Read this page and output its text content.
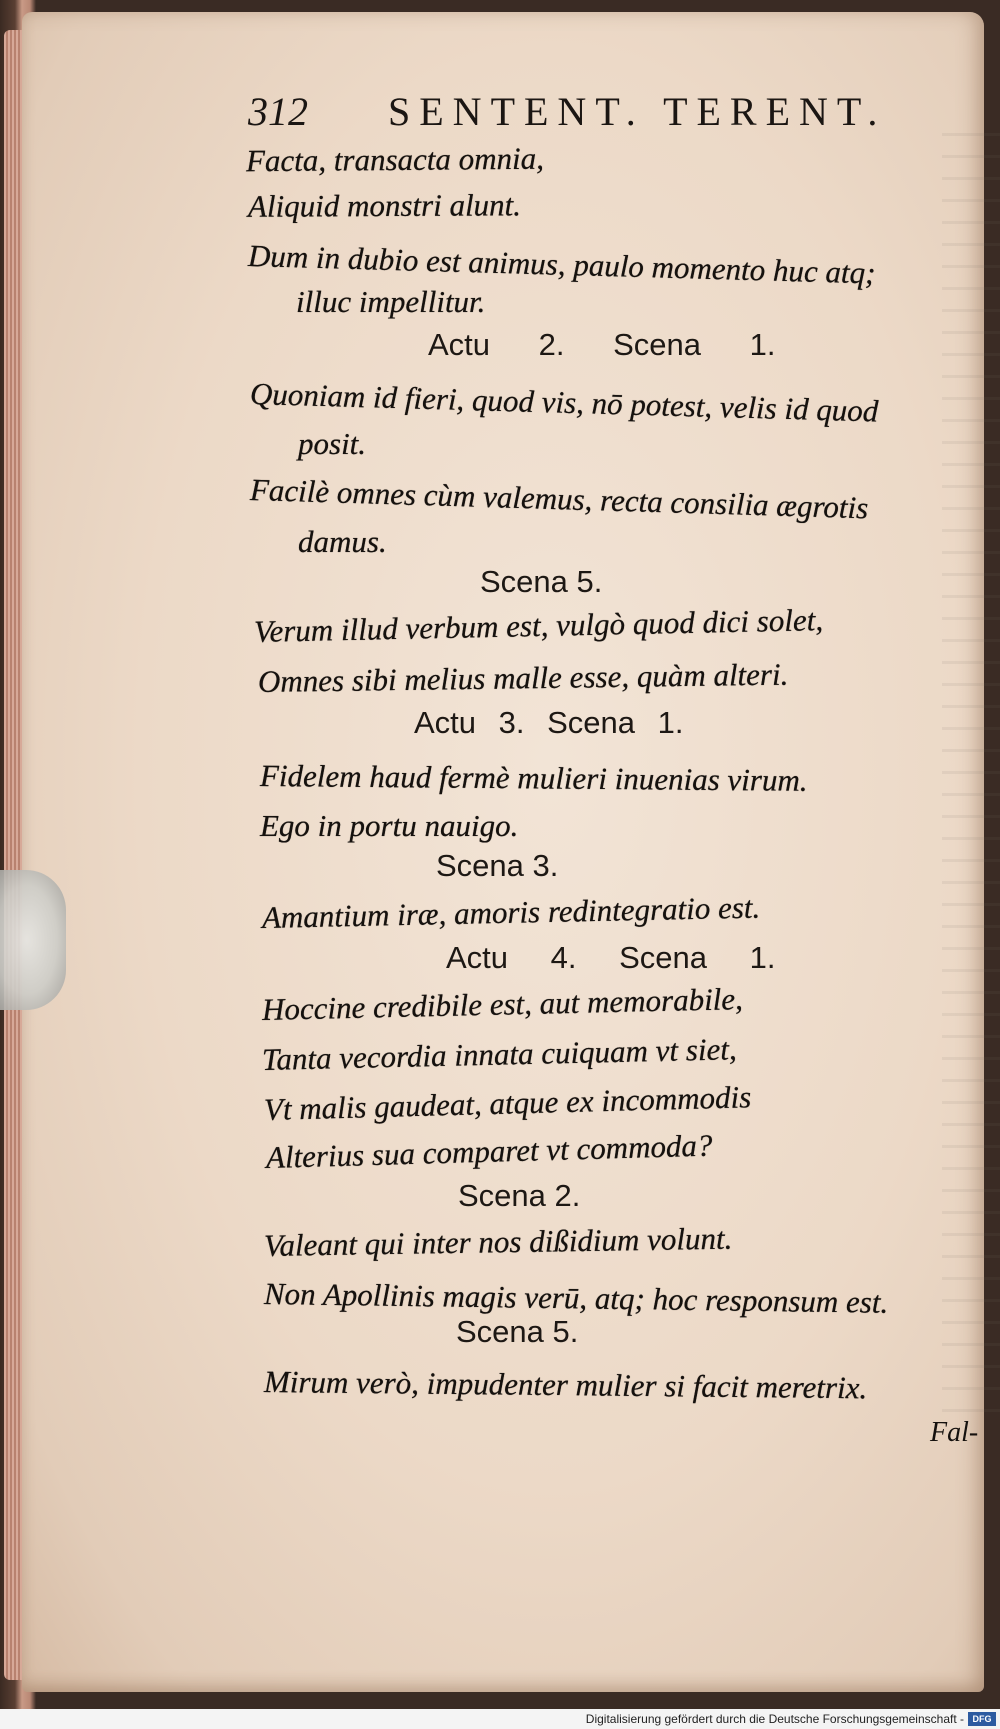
312 SENTENT. TERENT.
Facta, transacta omnia,
Aliquid monstri alunt.
Dum in dubio est animus, paulo momento huc atq;
illuc impellitur.
Actu 2. Scena 1.
Quoniam id fieri, quod vis, nō potest, velis id quod
posit.
Facilè omnes cùm valemus, recta consilia ægrotis
damus.
Scena 5.
Verum illud verbum est, vulgò quod dici solet,
Omnes sibi melius malle esse, quàm alteri.
Actu 3. Scena 1.
Fidelem haud fermè mulieri inuenias virum.
Ego in portu nauigo.
Scena 3.
Amantium iræ, amoris redintegratio est.
Actu 4. Scena 1.
Hoccine credibile est, aut memorabile,
Tanta vecordia innata cuiquam vt siet,
Vt malis gaudeat, atque ex incommodis
Alterius sua comparet vt commoda?
Scena 2.
Valeant qui inter nos dißidium volunt.
Non Apollinis magis verū, atq; hoc responsum est.
Scena 5.
Mirum verò, impudenter mulier si facit meretrix.
Fal-
Digitalisierung gefördert durch die Deutsche Forschungsgemeinschaft - DFG
